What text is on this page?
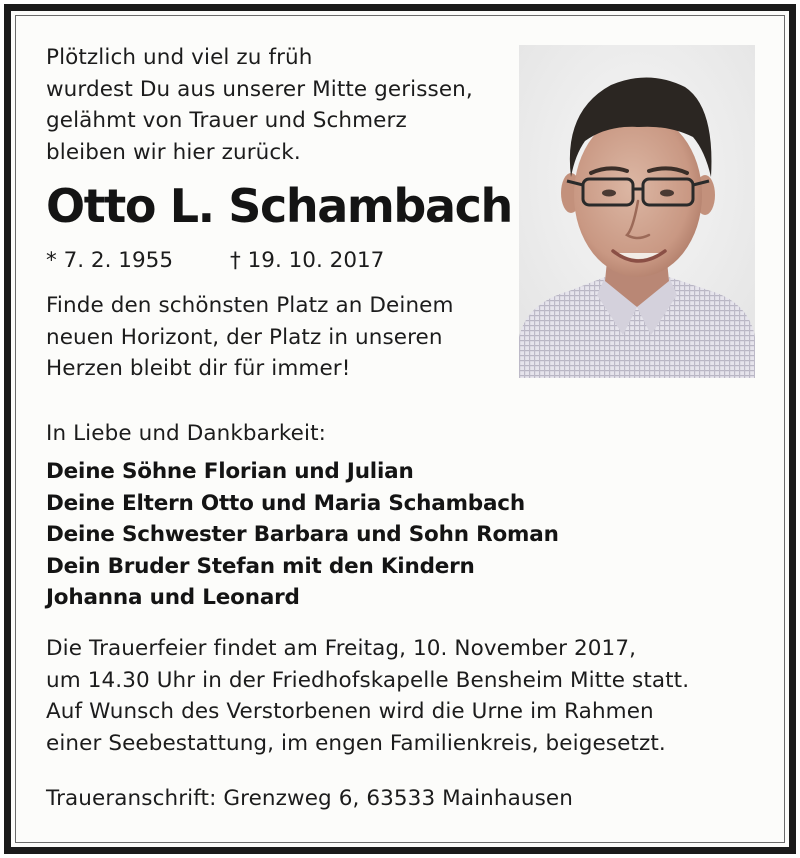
Plötzlich und viel zu früh
wurdest Du aus unserer Mitte gerissen,
gelähmt von Trauer und Schmerz
bleiben wir hier zurück.
Otto L. Schambach
* 7. 2. 1955	† 19. 10. 2017
Finde den schönsten Platz an Deinem
neuen Horizont, der Platz in unseren
Herzen bleibt dir für immer!
In Liebe und Dankbarkeit:
Deine Söhne Florian und Julian
Deine Eltern Otto und Maria Schambach
Deine Schwester Barbara und Sohn Roman
Dein Bruder Stefan mit den Kindern
Johanna und Leonard
Die Trauerfeier findet am Freitag, 10. November 2017,
um 14.30 Uhr in der Friedhofskapelle Bensheim Mitte statt.
Auf Wunsch des Verstorbenen wird die Urne im Rahmen
einer Seebestattung, im engen Familienkreis, beigesetzt.
Traueranschrift: Grenzweg 6, 63533 Mainhausen
